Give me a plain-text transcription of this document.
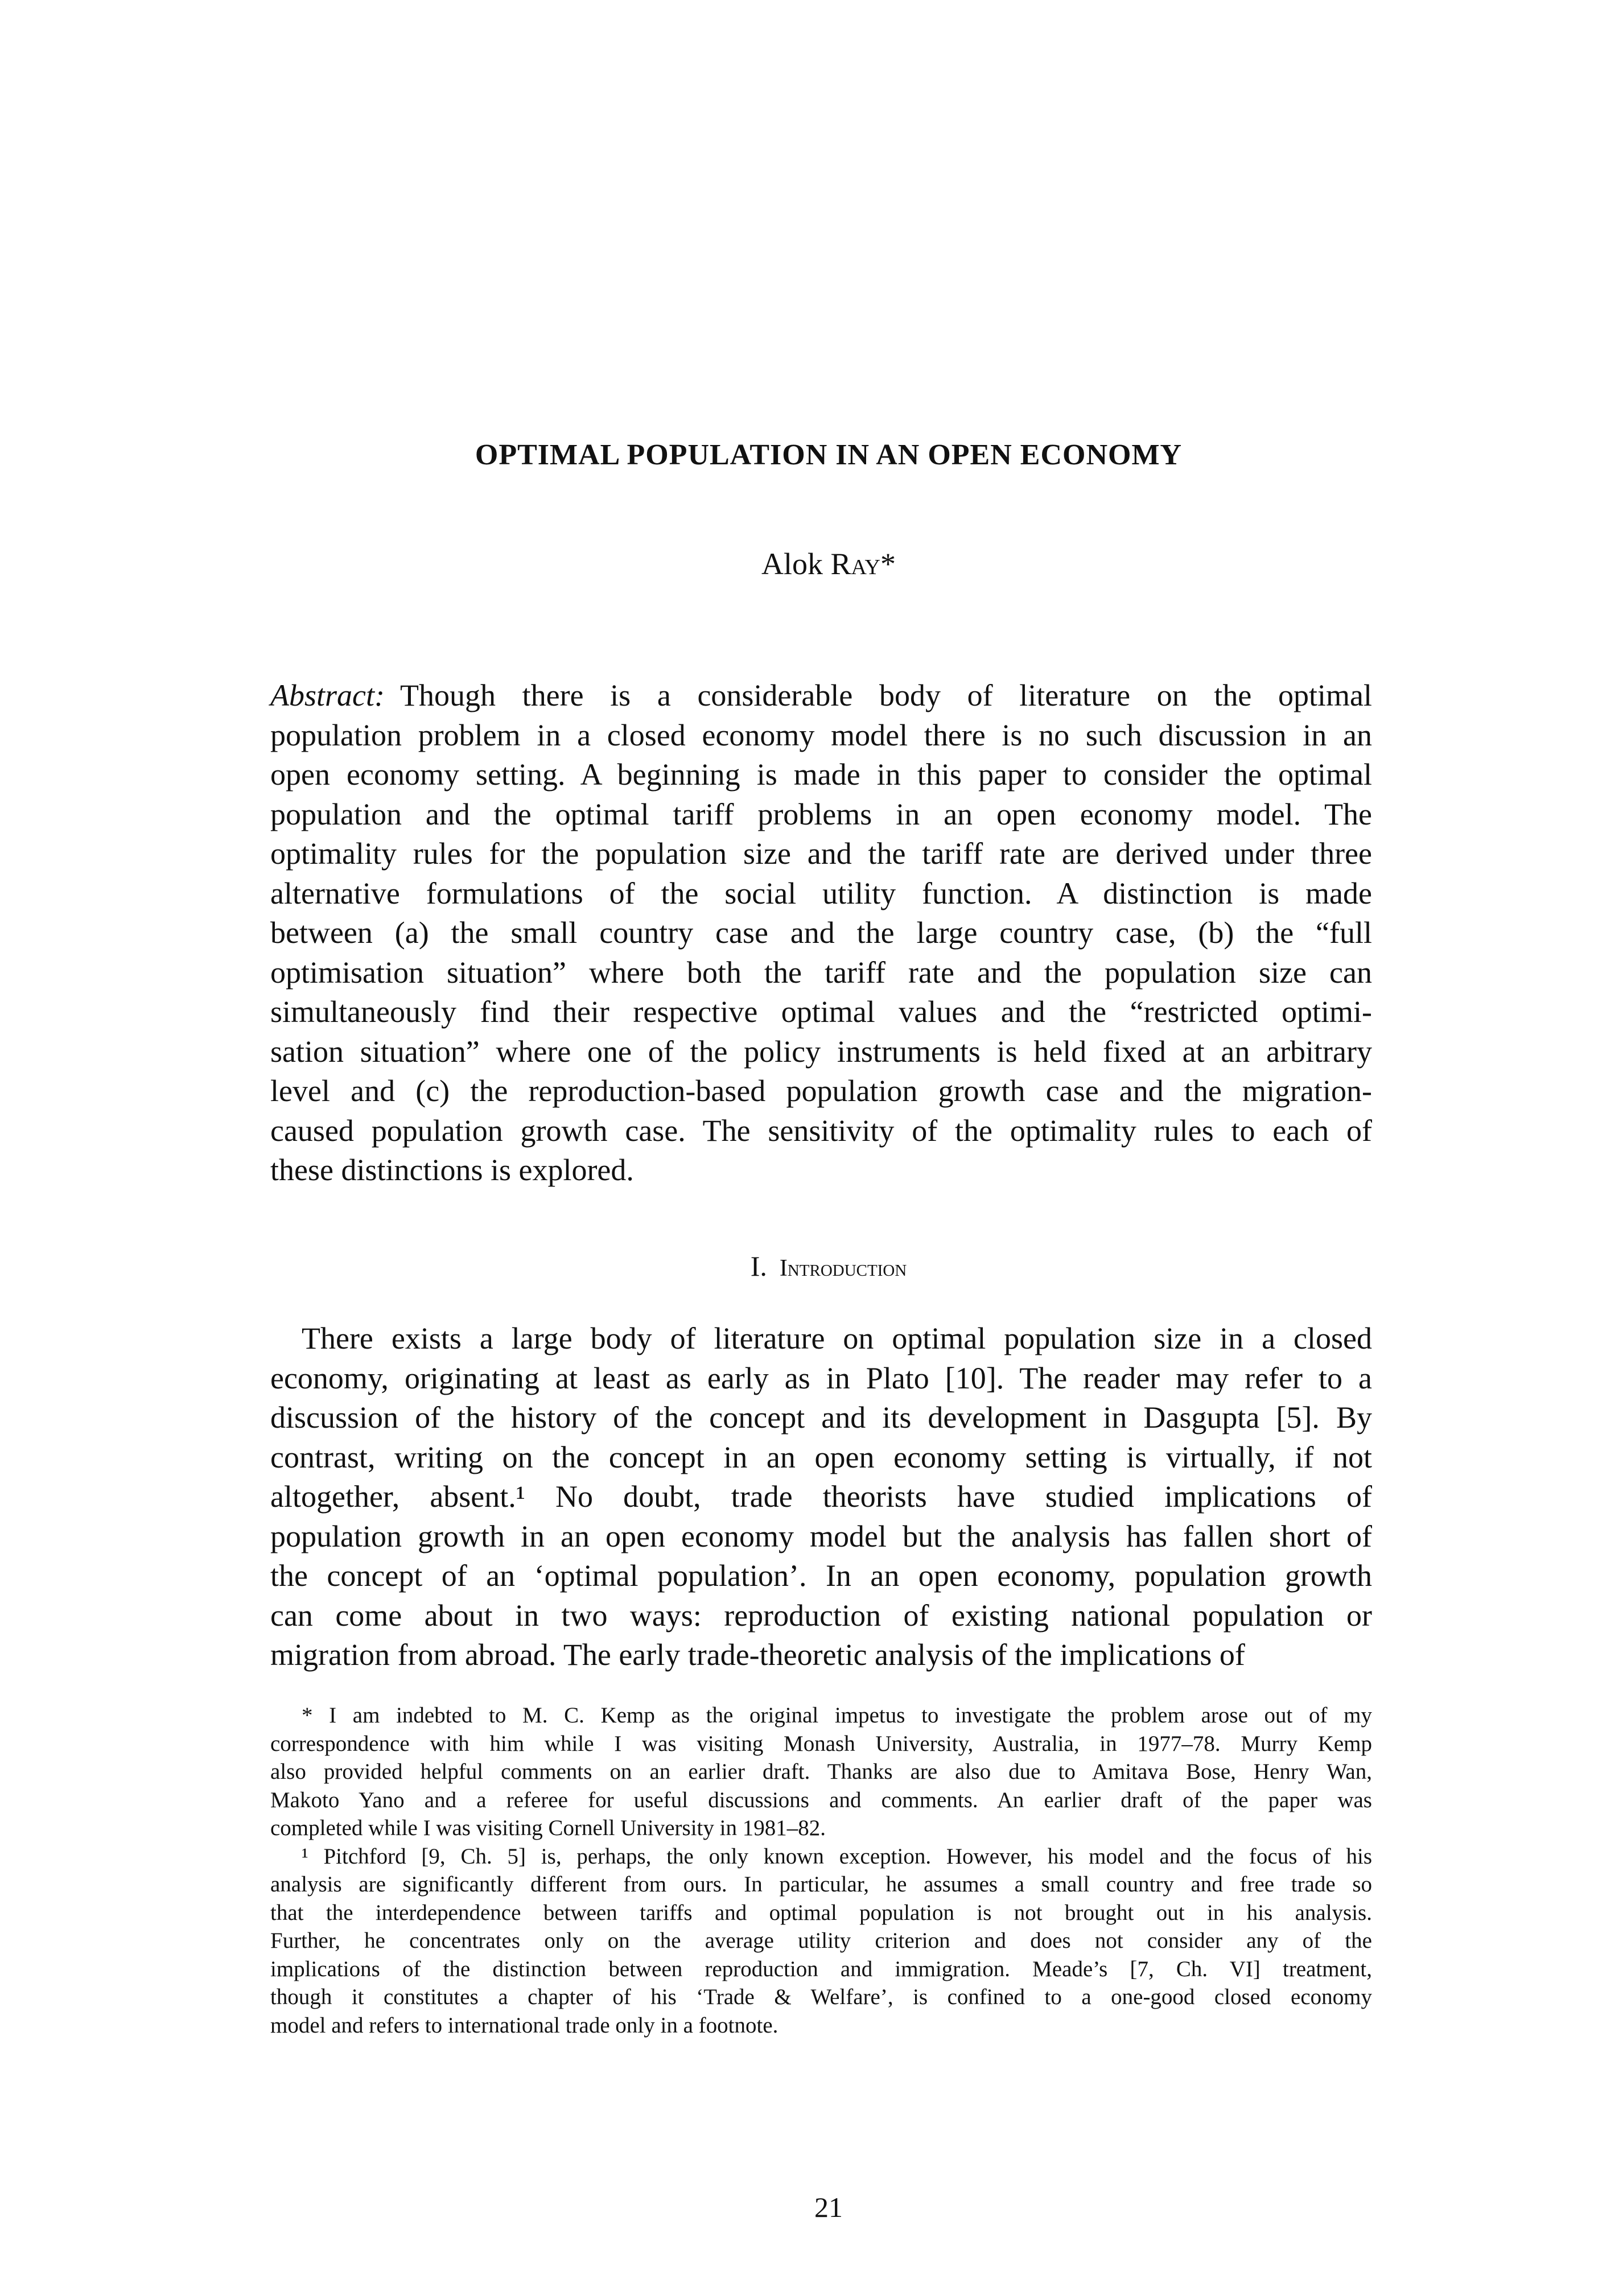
OPTIMAL POPULATION IN AN OPEN ECONOMY
Alok Ray*
Abstract:  Though there is a considerable body of literature on the optimal
population problem in a closed economy model there is no such discussion in an
open economy setting. A beginning is made in this paper to consider the optimal
population and the optimal tariff problems in an open economy model. The
optimality rules for the population size and the tariff rate are derived under three
alternative formulations of the social utility function. A distinction is made
between (a) the small country case and the large country case, (b) the “full
optimisation situation” where both the tariff rate and the population size can
simultaneously find their respective optimal values and the “restricted optimi-
sation situation” where one of the policy instruments is held fixed at an arbitrary
level and (c) the reproduction-based population growth case and the migration-
caused population growth case. The sensitivity of the optimality rules to each of
these distinctions is explored.
I. Introduction
There exists a large body of literature on optimal population size in a closed
economy, originating at least as early as in Plato [10]. The reader may refer to a
discussion of the history of the concept and its development in Dasgupta [5]. By
contrast, writing on the concept in an open economy setting is virtually, if not
altogether, absent.¹ No doubt, trade theorists have studied implications of
population growth in an open economy model but the analysis has fallen short of
the concept of an ‘optimal population’. In an open economy, population growth
can come about in two ways: reproduction of existing national population or
migration from abroad. The early trade-theoretic analysis of the implications of
* I am indebted to M. C. Kemp as the original impetus to investigate the problem arose out of my
correspondence with him while I was visiting Monash University, Australia, in 1977–78. Murry Kemp
also provided helpful comments on an earlier draft. Thanks are also due to Amitava Bose, Henry Wan,
Makoto Yano and a referee for useful discussions and comments. An earlier draft of the paper was
completed while I was visiting Cornell University in 1981–82.
¹ Pitchford [9, Ch. 5] is, perhaps, the only known exception. However, his model and the focus of his
analysis are significantly different from ours. In particular, he assumes a small country and free trade so
that the interdependence between tariffs and optimal population is not brought out in his analysis.
Further, he concentrates only on the average utility criterion and does not consider any of the
implications of the distinction between reproduction and immigration. Meade’s [7, Ch. VI] treatment,
though it constitutes a chapter of his ‘Trade & Welfare’, is confined to a one-good closed economy
model and refers to international trade only in a footnote.
21
